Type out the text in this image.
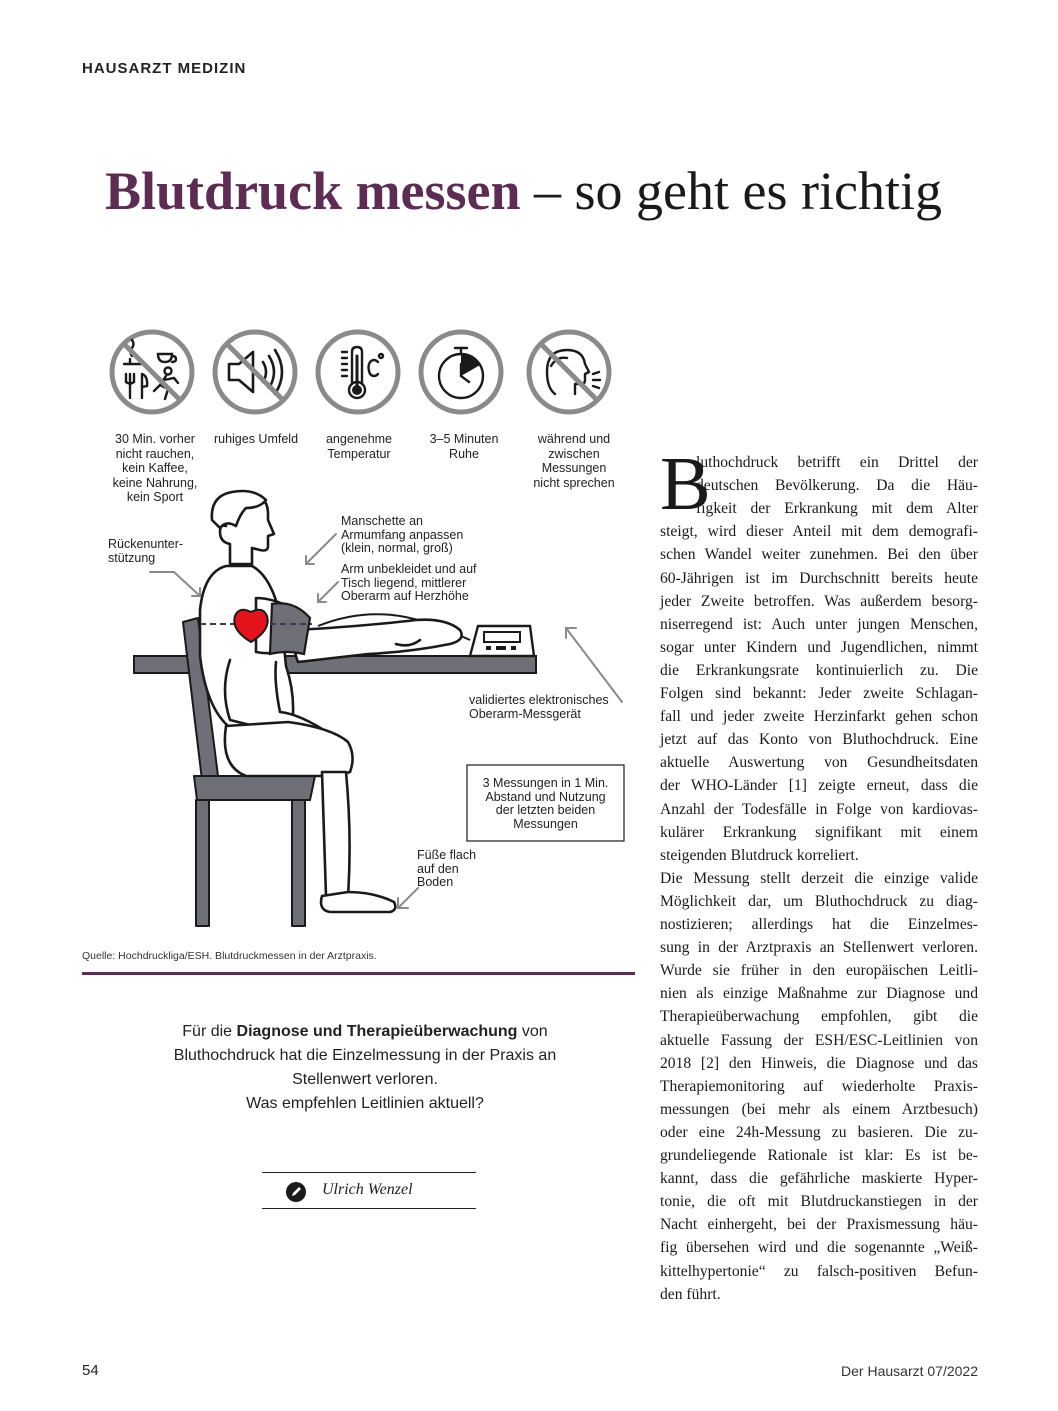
HAUSARZT MEDIZIN
Blutdruck messen – so geht es richtig
30 Min. vorher
nicht rauchen,
kein Kaffee,
keine Nahrung,
kein Sport
ruhiges Umfeld	angenehme
Temperatur
3–5 Minuten
Ruhe
während und
zwischen
Messungen
nicht sprechen
Rückenunter-
stützung
Manschette an
Armumfang anpassen
(klein, normal, groß)
Arm unbekleidet und auf
Tisch liegend, mittlerer
Oberarm auf Herzhöhe
validiertes elektronisches
Oberarm-Messgerät
3 Messungen in 1 Min.
Abstand und Nutzung
der letzten beiden
Messungen
Füße flach
auf den
Boden
Quelle: Hochdruckliga/ESH. Blutdruckmessen in der Arztpraxis.
Für die Diagnose und Therapieüberwachung von Bluthochdruck hat die Einzelmessung in der Praxis an Stellenwert verloren.
Was empfehlen Leitlinien aktuell?
Ulrich Wenzel
B
luthochdruck betrifft ein Drittel der
deutschen Bevölkerung. Da die Häu-
figkeit der Erkrankung mit dem Alter
steigt, wird dieser Anteil mit dem demografi-
schen Wandel weiter zunehmen. Bei den über
60-Jährigen ist im Durchschnitt bereits heute
jeder Zweite betroffen. Was außerdem besorg-
niserregend ist: Auch unter jungen Menschen,
sogar unter Kindern und Jugendlichen, nimmt
die Erkrankungsrate kontinuierlich zu. Die
Folgen sind bekannt: Jeder zweite Schlagan-
fall und jeder zweite Herzinfarkt gehen schon
jetzt auf das Konto von Bluthochdruck. Eine
aktuelle Auswertung von Gesundheitsdaten
der WHO-Länder [1] zeigte erneut, dass die
Anzahl der Todesfälle in Folge von kardiovas-
kulärer Erkrankung signifikant mit einem
steigenden Blutdruck korreliert.
Die Messung stellt derzeit die einzige valide
Möglichkeit dar, um Bluthochdruck zu diag-
nostizieren; allerdings hat die Einzelmes-
sung in der Arztpraxis an Stellenwert verloren.
Wurde sie früher in den europäischen Leitli-
nien als einzige Maßnahme zur Diagnose und
Therapieüberwachung empfohlen, gibt die
aktuelle Fassung der ESH/ESC-Leitlinien von
2018 [2] den Hinweis, die Diagnose und das
Therapiemonitoring auf wiederholte Praxis-
messungen (bei mehr als einem Arztbesuch)
oder eine 24h-Messung zu basieren. Die zu-
grundeliegende Rationale ist klar: Es ist be-
kannt, dass die gefährliche maskierte Hyper-
tonie, die oft mit Blutdruckanstiegen in der
Nacht einhergeht, bei der Praxismessung häu-
fig übersehen wird und die sogenannte „Weiß-
kittelhypertonie“ zu falsch-positiven Befun-
den führt.
54	Der Hausarzt 07/2022
